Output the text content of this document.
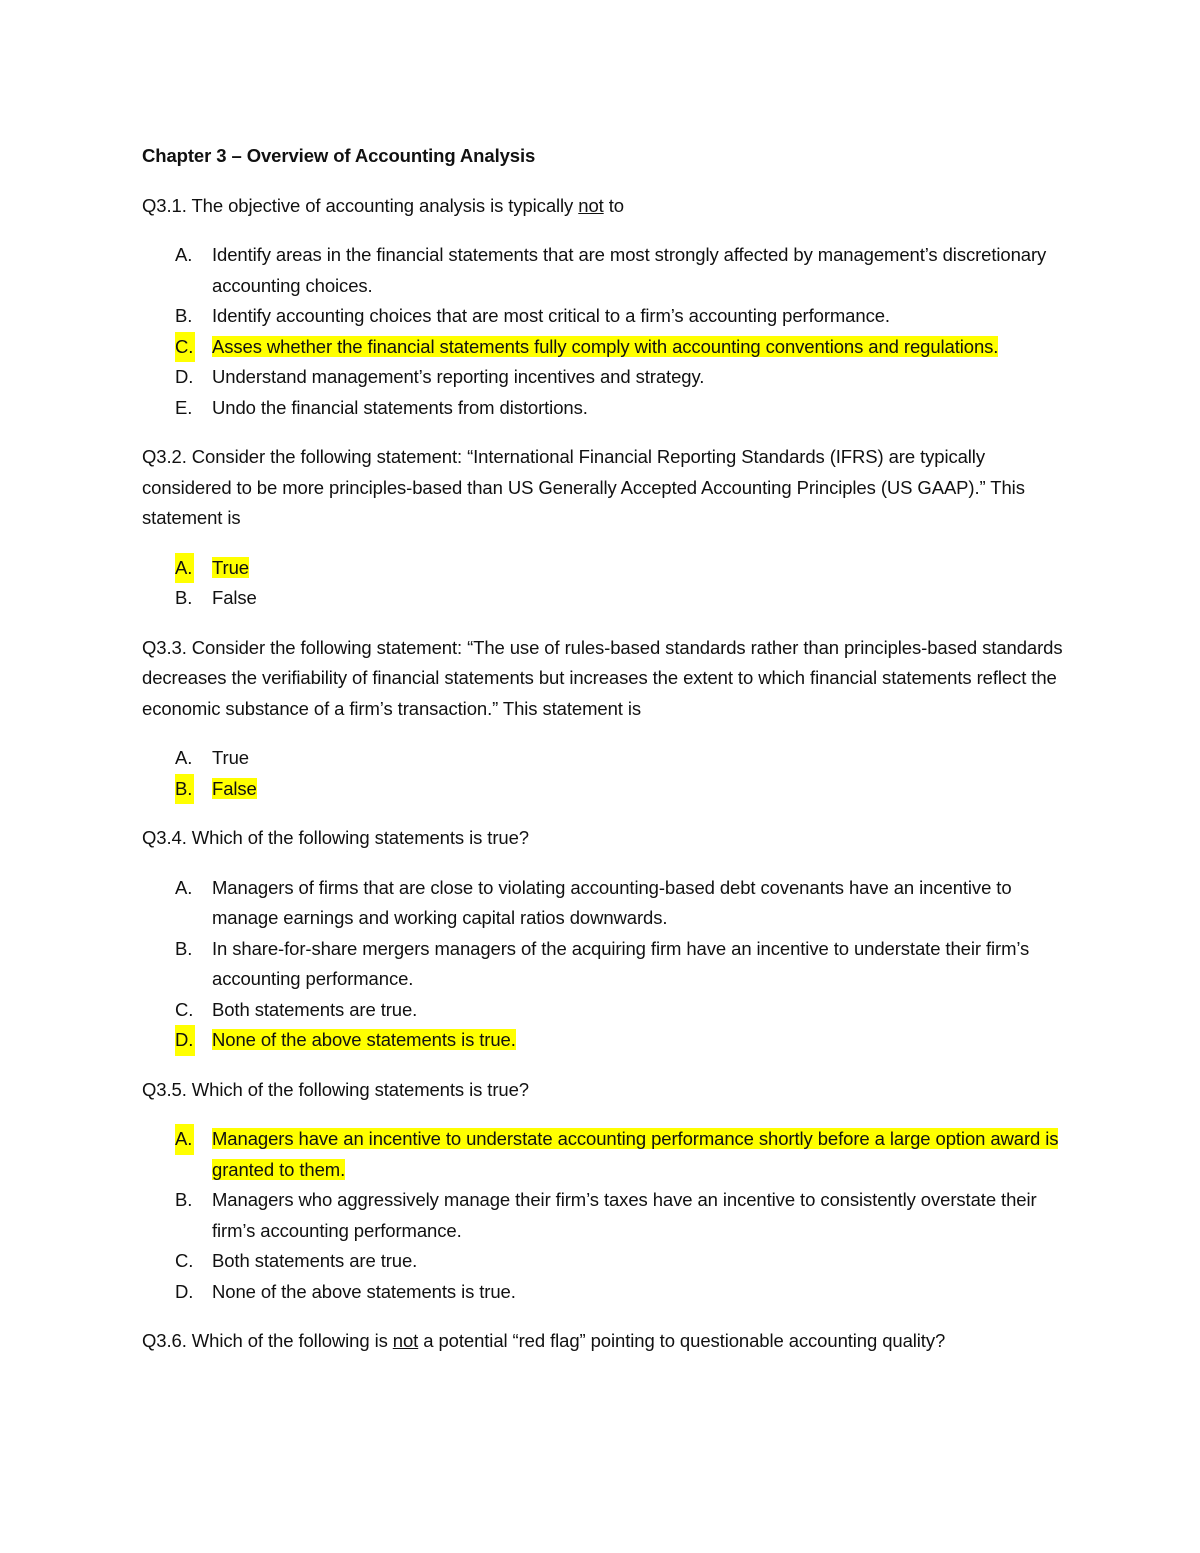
Chapter 3 – Overview of Accounting Analysis

Q3.1. The objective of accounting analysis is typically not to

A. Identify areas in the financial statements that are most strongly affected by management’s discretionary accounting choices.
B. Identify accounting choices that are most critical to a firm’s accounting performance.
C. Asses whether the financial statements fully comply with accounting conventions and regulations.
D. Understand management’s reporting incentives and strategy.
E. Undo the financial statements from distortions.

Q3.2. Consider the following statement: “International Financial Reporting Standards (IFRS) are typically considered to be more principles-based than US Generally Accepted Accounting Principles (US GAAP).” This statement is

A. True
B. False

Q3.3. Consider the following statement: “The use of rules-based standards rather than principles-based standards decreases the verifiability of financial statements but increases the extent to which financial statements reflect the economic substance of a firm’s transaction.” This statement is

A. True
B. False

Q3.4. Which of the following statements is true?

A. Managers of firms that are close to violating accounting-based debt covenants have an incentive to manage earnings and working capital ratios downwards.
B. In share-for-share mergers managers of the acquiring firm have an incentive to understate their firm’s accounting performance.
C. Both statements are true.
D. None of the above statements is true.

Q3.5. Which of the following statements is true?

A. Managers have an incentive to understate accounting performance shortly before a large option award is granted to them.
B. Managers who aggressively manage their firm’s taxes have an incentive to consistently overstate their firm’s accounting performance.
C. Both statements are true.
D. None of the above statements is true.

Q3.6. Which of the following is not a potential “red flag” pointing to questionable accounting quality?
